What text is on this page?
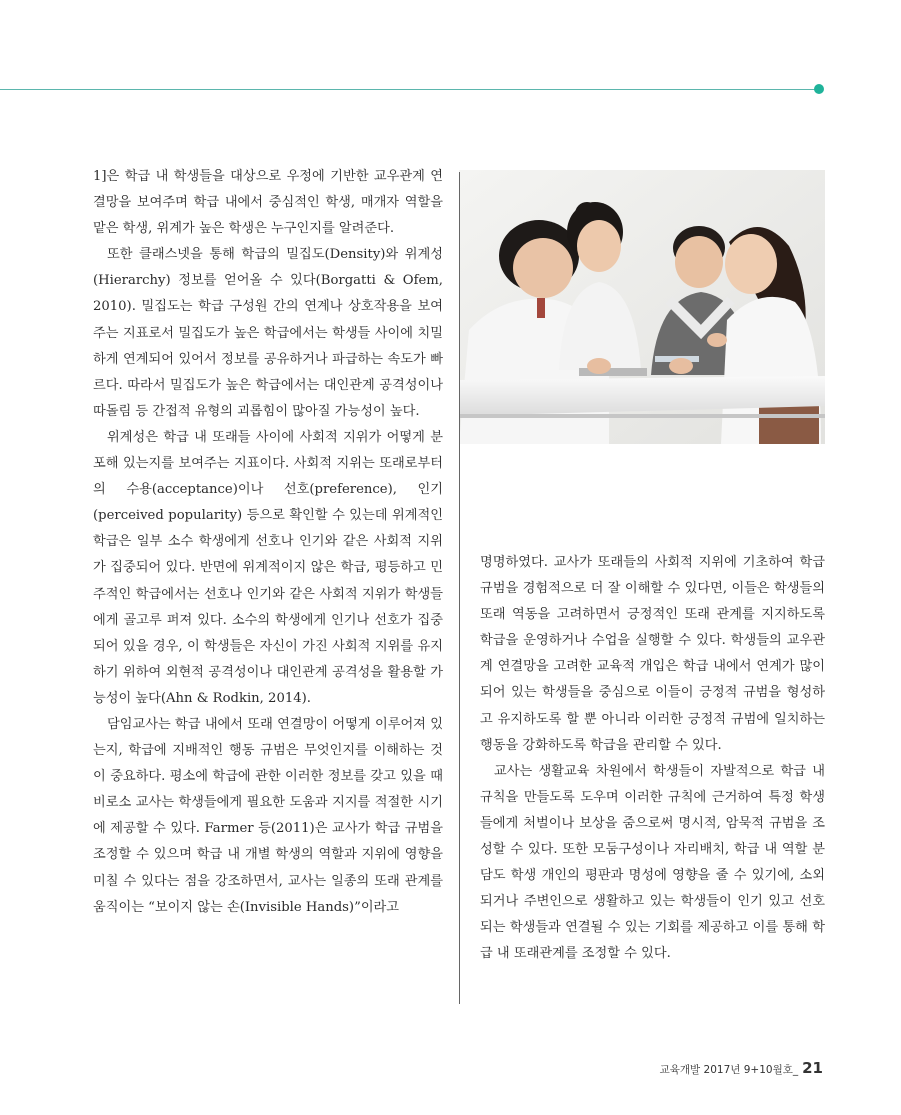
1]은 학급 내 학생들을 대상으로 우정에 기반한 교우관계 연결망을 보여주며 학급 내에서 중심적인 학생, 매개자 역할을 맡은 학생, 위계가 높은 학생은 누구인지를 알려준다.

또한 클래스넷을 통해 학급의 밀집도(Density)와 위계성(Hierarchy) 정보를 얻어올 수 있다(Borgatti & Ofem, 2010). 밀집도는 학급 구성원 간의 연계나 상호작용을 보여주는 지표로서 밀집도가 높은 학급에서는 학생들 사이에 치밀하게 연계되어 있어서 정보를 공유하거나 파급하는 속도가 빠르다. 따라서 밀집도가 높은 학급에서는 대인관계 공격성이나 따돌림 등 간접적 유형의 괴롭힘이 많아질 가능성이 높다.

위계성은 학급 내 또래들 사이에 사회적 지위가 어떻게 분포해 있는지를 보여주는 지표이다. 사회적 지위는 또래로부터의 수용(acceptance)이나 선호(preference), 인기(perceived popularity) 등으로 확인할 수 있는데 위계적인 학급은 일부 소수 학생에게 선호나 인기와 같은 사회적 지위가 집중되어 있다. 반면에 위계적이지 않은 학급, 평등하고 민주적인 학급에서는 선호나 인기와 같은 사회적 지위가 학생들에게 골고루 퍼져 있다. 소수의 학생에게 인기나 선호가 집중되어 있을 경우, 이 학생들은 자신이 가진 사회적 지위를 유지하기 위하여 외현적 공격성이나 대인관계 공격성을 활용할 가능성이 높다(Ahn & Rodkin, 2014).

담임교사는 학급 내에서 또래 연결망이 어떻게 이루어져 있는지, 학급에 지배적인 행동 규범은 무엇인지를 이해하는 것이 중요하다. 평소에 학급에 관한 이러한 정보를 갖고 있을 때 비로소 교사는 학생들에게 필요한 도움과 지지를 적절한 시기에 제공할 수 있다. Farmer 등(2011)은 교사가 학급 규범을 조정할 수 있으며 학급 내 개별 학생의 역할과 지위에 영향을 미칠 수 있다는 점을 강조하면서, 교사는 일종의 또래 관계를 움직이는 “보이지 않는 손(Invisible Hands)”이라고

명명하였다. 교사가 또래들의 사회적 지위에 기초하여 학급 규범을 경험적으로 더 잘 이해할 수 있다면, 이들은 학생들의 또래 역동을 고려하면서 긍정적인 또래 관계를 지지하도록 학급을 운영하거나 수업을 실행할 수 있다. 학생들의 교우관계 연결망을 고려한 교육적 개입은 학급 내에서 연계가 많이 되어 있는 학생들을 중심으로 이들이 긍정적 규범을 형성하고 유지하도록 할 뿐 아니라 이러한 긍정적 규범에 일치하는 행동을 강화하도록 학급을 관리할 수 있다.

교사는 생활교육 차원에서 학생들이 자발적으로 학급 내 규칙을 만들도록 도우며 이러한 규칙에 근거하여 특정 학생들에게 처벌이나 보상을 줌으로써 명시적, 암묵적 규범을 조성할 수 있다. 또한 모둠구성이나 자리배치, 학급 내 역할 분담도 학생 개인의 평판과 명성에 영향을 줄 수 있기에, 소외되거나 주변인으로 생활하고 있는 학생들이 인기 있고 선호되는 학생들과 연결될 수 있는 기회를 제공하고 이를 통해 학급 내 또래관계를 조정할 수 있다.

교육개발 2017년 9+10월호_ 21
